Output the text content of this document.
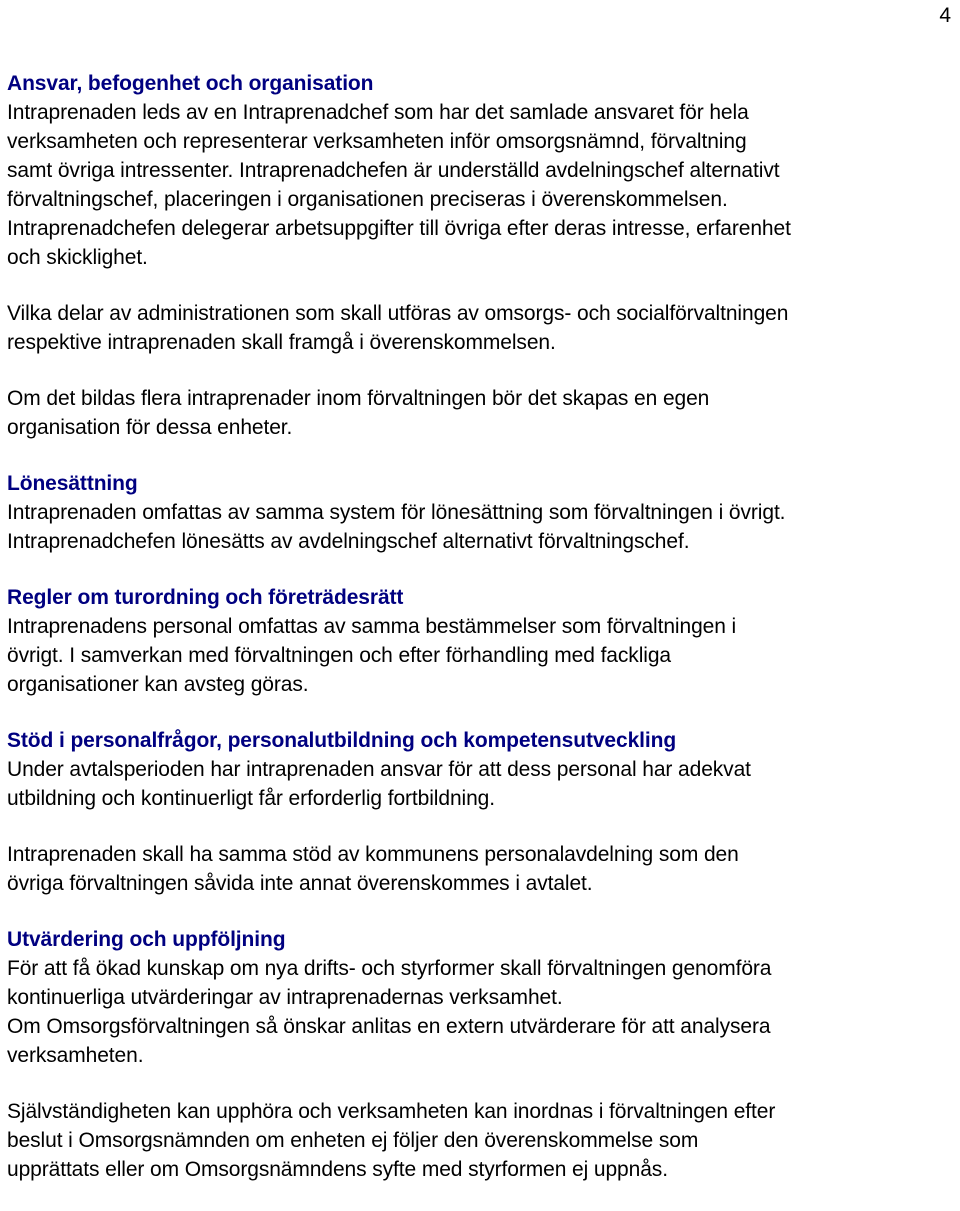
4
Ansvar, befogenhet och organisation
Intraprenaden leds av en Intraprenadchef som har det samlade ansvaret för hela
verksamheten och representerar verksamheten inför omsorgsnämnd, förvaltning
samt övriga intressenter. Intraprenadchefen är underställd avdelningschef alternativt
förvaltningschef, placeringen i organisationen preciseras i överenskommelsen.
Intraprenadchefen delegerar arbetsuppgifter till övriga efter deras intresse, erfarenhet
och skicklighet.
Vilka delar av administrationen som skall utföras av omsorgs- och socialförvaltningen
respektive intraprenaden skall framgå i överenskommelsen.
Om det bildas flera intraprenader inom förvaltningen bör det skapas en egen
organisation för dessa enheter.
Lönesättning
Intraprenaden omfattas av samma system för lönesättning som förvaltningen i övrigt.
Intraprenadchefen lönesätts av avdelningschef alternativt förvaltningschef.
Regler om turordning och företrädesrätt
Intraprenadens personal omfattas av samma bestämmelser som förvaltningen i
övrigt. I samverkan med förvaltningen och efter förhandling med fackliga
organisationer kan avsteg göras.
Stöd i personalfrågor, personalutbildning och kompetensutveckling
Under avtalsperioden har intraprenaden ansvar för att dess personal har adekvat
utbildning och kontinuerligt får erforderlig fortbildning.
Intraprenaden skall ha samma stöd av kommunens personalavdelning som den
övriga förvaltningen såvida inte annat överenskommes i avtalet.
Utvärdering och uppföljning
För att få ökad kunskap om nya drifts- och styrformer skall förvaltningen genomföra
kontinuerliga utvärderingar av intraprenadernas verksamhet.
Om Omsorgsförvaltningen så önskar anlitas en extern utvärderare för att analysera
verksamheten.
Självständigheten kan upphöra och verksamheten kan inordnas i förvaltningen efter
beslut i Omsorgsnämnden om enheten ej följer den överenskommelse som
upprättats eller om Omsorgsnämndens syfte med styrformen ej uppnås.
